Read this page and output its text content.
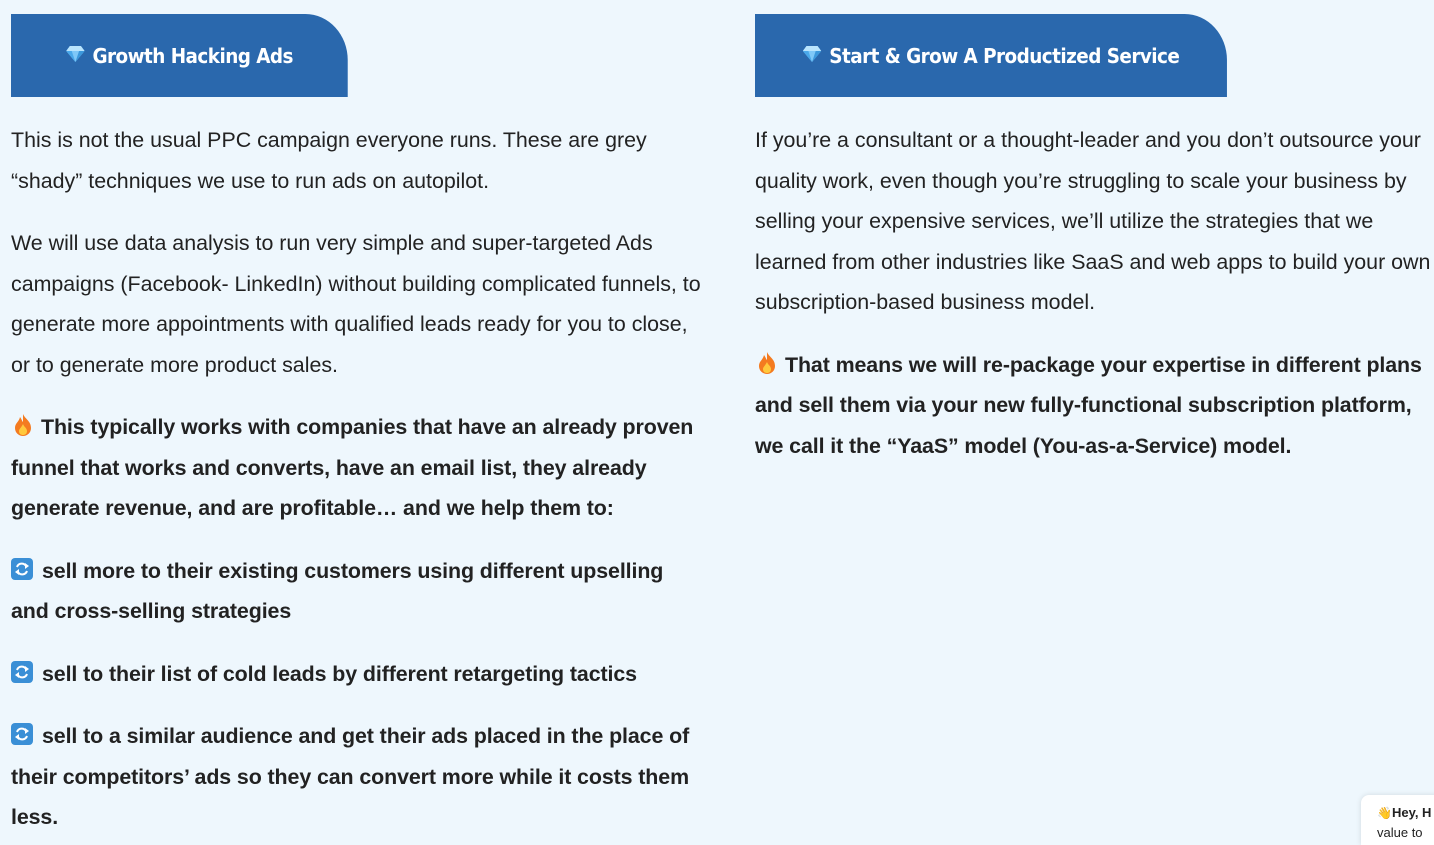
Growth Hacking Ads

This is not the usual PPC campaign everyone runs. These are grey “shady” techniques we use to run ads on autopilot.

We will use data analysis to run very simple and super-targeted Ads campaigns (Facebook- LinkedIn) without building complicated funnels, to generate more appointments with qualified leads ready for you to close, or to generate more product sales.

This typically works with companies that have an already proven funnel that works and converts, have an email list, they already generate revenue, and are profitable… and we help them to:

sell more to their existing customers using different upselling and cross-selling strategies

sell to their list of cold leads by different retargeting tactics

sell to a similar audience and get their ads placed in the place of their competitors’ ads so they can convert more while it costs them less.

Start & Grow A Productized Service

If you’re a consultant or a thought-leader and you don’t outsource your quality work, even though you’re struggling to scale your business by selling your expensive services, we’ll utilize the strategies that we learned from other industries like SaaS and web apps to build your own subscription-based business model.

That means we will re-package your expertise in different plans and sell them via your new fully-functional subscription platform, we call it the “YaaS” model (You-as-a-Service) model.

👋Hey, H
value to
